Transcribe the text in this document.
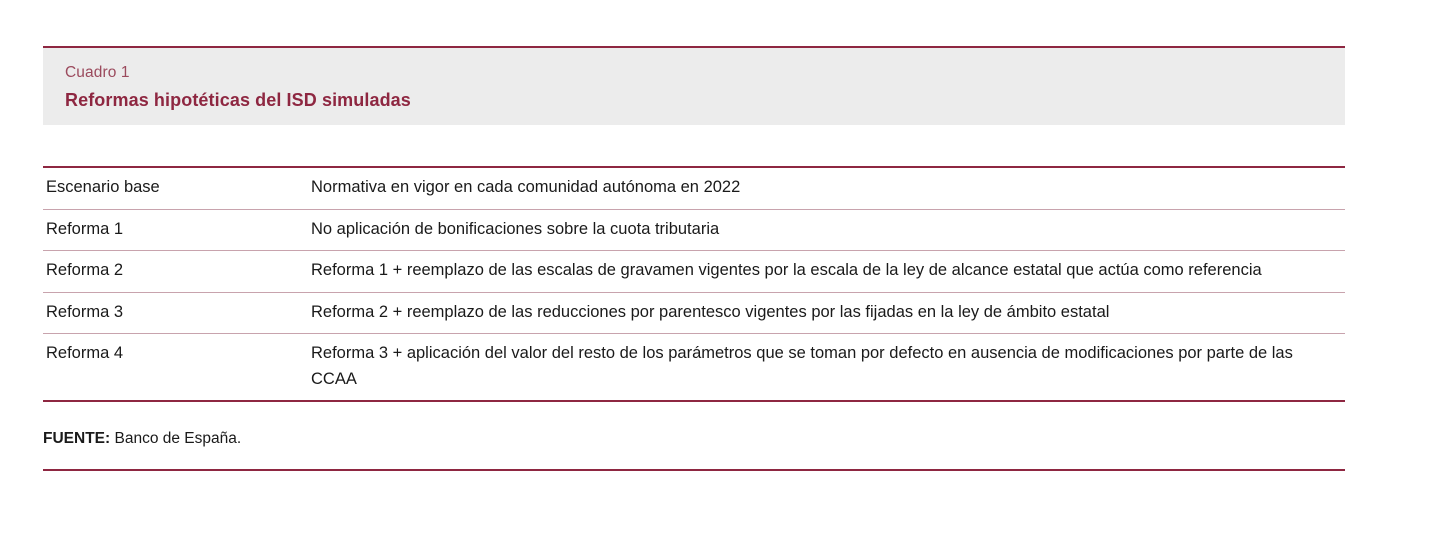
Cuadro 1
Reformas hipotéticas del ISD simuladas
Escenario base	Normativa en vigor en cada comunidad autónoma en 2022
Reforma 1	No aplicación de bonificaciones sobre la cuota tributaria
Reforma 2	Reforma 1 + reemplazo de las escalas de gravamen vigentes por la escala de la ley de alcance estatal que actúa como referencia
Reforma 3	Reforma 2 + reemplazo de las reducciones por parentesco vigentes por las fijadas en la ley de ámbito estatal
Reforma 4	Reforma 3 + aplicación del valor del resto de los parámetros que se toman por defecto en ausencia de modificaciones por parte de las CCAA
FUENTE: Banco de España.
